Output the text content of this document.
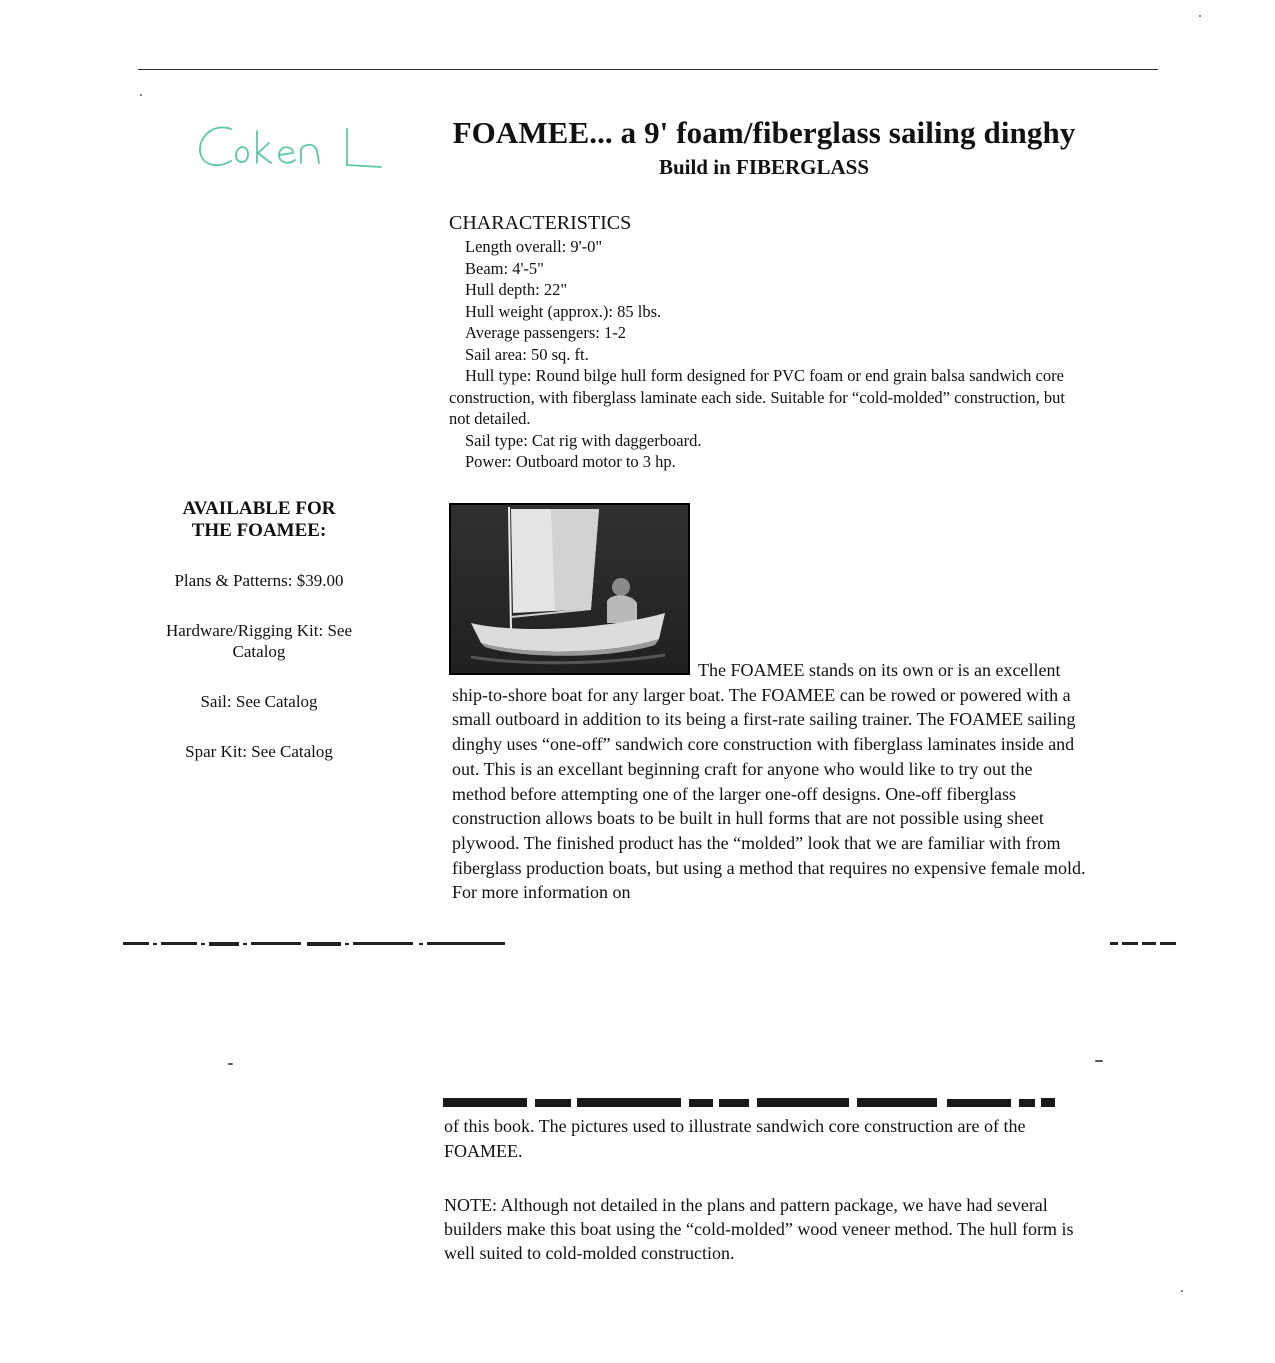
FOAMEE... a 9' foam/fiberglass sailing dinghy
Build in FIBERGLASS

CHARACTERISTICS

Length overall: 9'-0"

Beam: 4'-5"

Hull depth: 22"

Hull weight (approx.): 85 lbs.

Average passengers: 1-2

Sail area: 50 sq. ft.

Hull type: Round bilge hull form designed for PVC foam or end grain balsa sandwich core construction, with fiberglass laminate each side. Suitable for “cold-molded” construction, but not detailed.

Sail type: Cat rig with daggerboard.

Power: Outboard motor to 3 hp.

AVAILABLE FOR
THE FOAMEE:

Plans & Patterns: $39.00

Hardware/Rigging Kit: See Catalog

Sail: See Catalog

Spar Kit: See Catalog

The FOAMEE stands on its own or is an excellent ship-to-shore boat for any larger boat. The FOAMEE can be rowed or powered with a small outboard in addition to its being a first-rate sailing trainer. The FOAMEE sailing dinghy uses “one-off” sandwich core construction with fiberglass laminates inside and out. This is an excellant beginning craft for anyone who would like to try out the method before attempting one of the larger one-off designs. One-off fiberglass construction allows boats to be built in hull forms that are not possible using sheet plywood. The finished product has the “molded” look that we are familiar with from fiberglass production boats, but using a method that requires no expensive female mold. For more information on

of this book. The pictures used to illustrate sandwich core construction are of the FOAMEE.

NOTE: Although not detailed in the plans and pattern package, we have had several builders make this boat using the “cold-molded” wood veneer method. The hull form is well suited to cold-molded construction.
